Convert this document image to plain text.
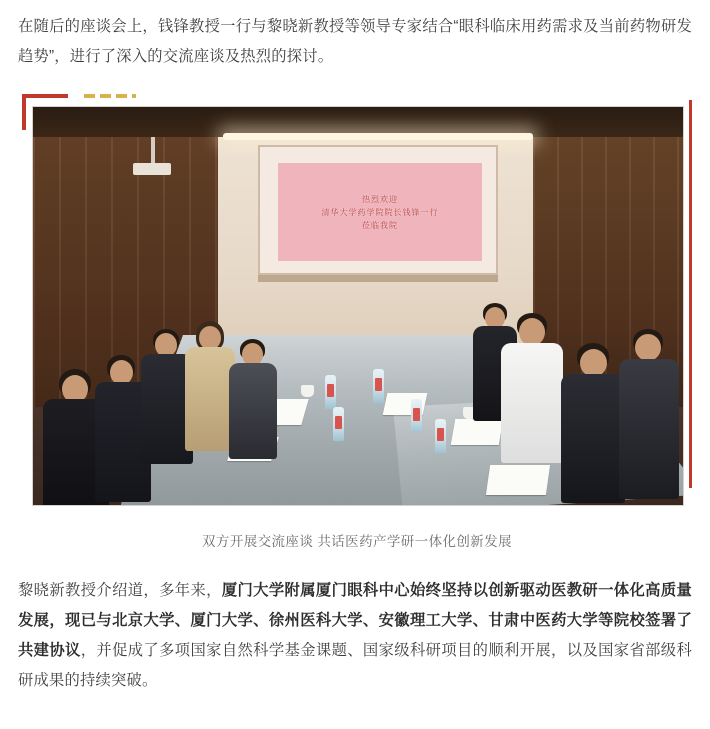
在随后的座谈会上，钱锋教授一行与黎晓新教授等领导专家结合“眼科临床用药需求及当前药物研发趋势”，进行了深入的交流座谈及热烈的探讨。

热烈欢迎
清华大学药学院院长钱锋一行
莅临我院
双方开展交流座谈 共话医药产学研一体化创新发展

黎晓新教授介绍道，多年来，厦门大学附属厦门眼科中心始终坚持以创新驱动医教研一体化高质量发展，现已与北京大学、厦门大学、徐州医科大学、安徽理工大学、甘肃中医药大学等院校签署了共建协议，并促成了多项国家自然科学基金课题、国家级科研项目的顺利开展，以及国家省部级科研成果的持续突破。
